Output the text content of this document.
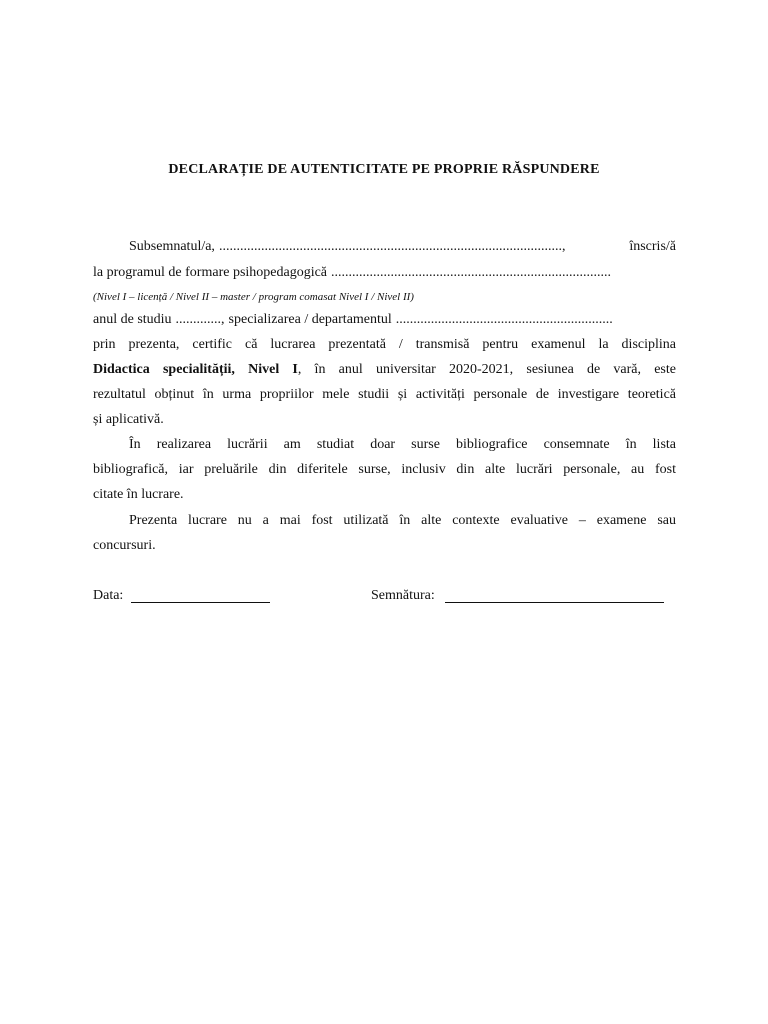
DECLARAȚIE DE AUTENTICITATE PE PROPRIE RĂSPUNDERE
Subsemnatul/a, ..................................................................................................,	înscris/ă
la programul de formare psihopedagogică ................................................................................
(Nivel I – licență / Nivel II – master / program comasat Nivel I / Nivel II)
anul de studiu ............., specializarea / departamentul ..............................................................
prin prezenta, certific că lucrarea prezentată / transmisă pentru examenul la disciplina
Didactica specialității, Nivel I, în anul universitar 2020-2021, sesiunea de vară, este
rezultatul obținut în urma propriilor mele studii și activități personale de investigare teoretică
și aplicativă.
În realizarea lucrării am studiat doar surse bibliografice consemnate în lista
bibliografică, iar preluările din diferitele surse, inclusiv din alte lucrări personale, au fost
citate în lucrare.
Prezenta lucrare nu a mai fost utilizată în alte contexte evaluative – examene sau
concursuri.
Data:	Semnătura:
